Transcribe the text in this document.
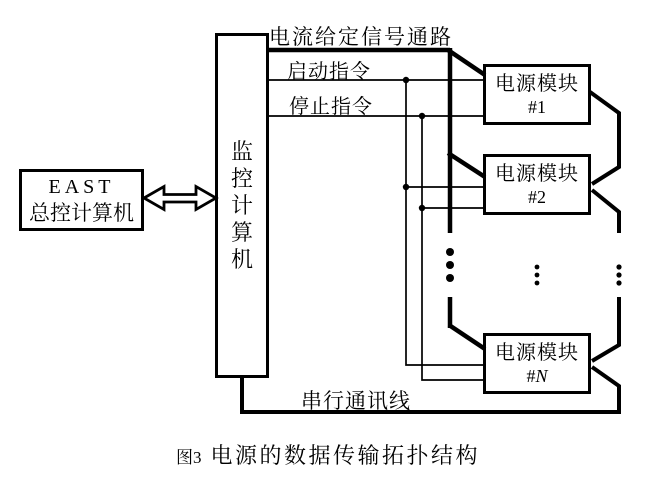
EAST
总控计算机
监控计算机
电源模块
#1
电源模块
#2
电源模块
#N
电流给定信号通路
启动指令
停止指令
串行通讯线
图3 电源的数据传输拓扑结构
